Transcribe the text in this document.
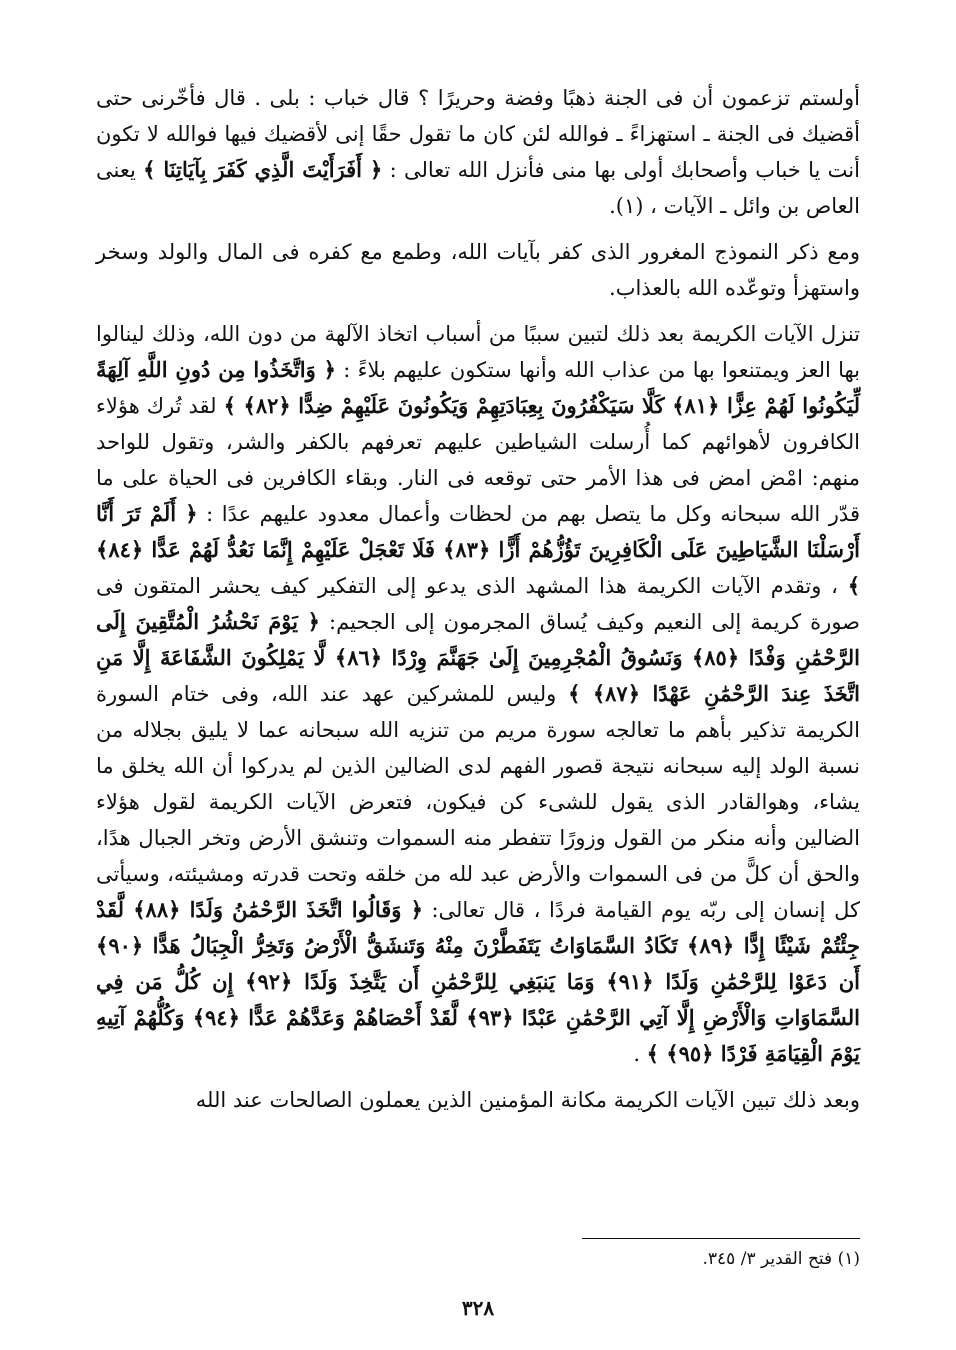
أولستم تزعمون أن فى الجنة ذهبًا وفضة وحريرًا ؟ قال خباب : بلى . قال فأخّرنى حتى أقضيك فى الجنة ـ استهزاءً ـ فوالله لئن كان ما تقول حقًا إنى لأقضيك فيها فوالله لا تكون أنت يا خباب وأصحابك أولى بها منى فأنزل الله تعالى : ﴿ أَفَرَأَيْتَ الَّذِي كَفَرَ بِآيَاتِنَا ﴾ يعنى العاص بن وائل ـ الآيات ، (١).

ومع ذكر النموذج المغرور الذى كفر بآيات الله، وطمع مع كفره فى المال والولد وسخر واستهزأ وتوعّده الله بالعذاب.

تنزل الآيات الكريمة بعد ذلك لتبين سببًا من أسباب اتخاذ الآلهة من دون الله، وذلك لينالوا بها العز ويمتنعوا بها من عذاب الله وأنها ستكون عليهم بلاءً : ﴿ وَاتَّخَذُوا مِن دُونِ اللَّهِ آلِهَةً لِّيَكُونُوا لَهُمْ عِزًّا ﴿٨١﴾ كَلَّا سَيَكْفُرُونَ بِعِبَادَتِهِمْ وَيَكُونُونَ عَلَيْهِمْ ضِدًّا ﴿٨٢﴾ ﴾ لقد تُرك هؤلاء الكافرون لأهوائهم كما أُرسلت الشياطين عليهم تعرفهم بالكفر والشر، وتقول للواحد منهم: امْض امض فى هذا الأمر حتى توقعه فى النار. وبقاء الكافرين فى الحياة على ما قدّر الله سبحانه وكل ما يتصل بهم من لحظات وأعمال معدود عليهم عدًا : ﴿ أَلَمْ تَرَ أَنَّا أَرْسَلْنَا الشَّيَاطِينَ عَلَى الْكَافِرِينَ تَؤُزُّهُمْ أَزًّا ﴿٨٣﴾ فَلَا تَعْجَلْ عَلَيْهِمْ إِنَّمَا نَعُدُّ لَهُمْ عَدًّا ﴿٨٤﴾ ﴾ ، وتقدم الآيات الكريمة هذا المشهد الذى يدعو إلى التفكير كيف يحشر المتقون فى صورة كريمة إلى النعيم وكيف يُساق المجرمون إلى الجحيم: ﴿ يَوْمَ نَحْشُرُ الْمُتَّقِينَ إِلَى الرَّحْمَٰنِ وَفْدًا ﴿٨٥﴾ وَنَسُوقُ الْمُجْرِمِينَ إِلَىٰ جَهَنَّمَ وِرْدًا ﴿٨٦﴾ لَّا يَمْلِكُونَ الشَّفَاعَةَ إِلَّا مَنِ اتَّخَذَ عِندَ الرَّحْمَٰنِ عَهْدًا ﴿٨٧﴾ ﴾ وليس للمشركين عهد عند الله، وفى ختام السورة الكريمة تذكير بأهم ما تعالجه سورة مريم من تنزيه الله سبحانه عما لا يليق بجلاله من نسبة الولد إليه سبحانه نتيجة قصور الفهم لدى الضالين الذين لم يدركوا أن الله يخلق ما يشاء، وهوالقادر الذى يقول للشىء كن فيكون، فتعرض الآيات الكريمة لقول هؤلاء الضالين وأنه منكر من القول وزورًا تتفطر منه السموات وتنشق الأرض وتخر الجبال هدًا، والحق أن كلًّ من فى السموات والأرض عبد لله من خلقه وتحت قدرته ومشيئته، وسيأتى كل إنسان إلى ربّه يوم القيامة فردًا ، قال تعالى: ﴿ وَقَالُوا اتَّخَذَ الرَّحْمَٰنُ وَلَدًا ﴿٨٨﴾ لَّقَدْ جِئْتُمْ شَيْئًا إِدًّا ﴿٨٩﴾ تَكَادُ السَّمَاوَاتُ يَتَفَطَّرْنَ مِنْهُ وَتَنشَقُّ الْأَرْضُ وَتَخِرُّ الْجِبَالُ هَدًّا ﴿٩٠﴾ أَن دَعَوْا لِلرَّحْمَٰنِ وَلَدًا ﴿٩١﴾ وَمَا يَنبَغِي لِلرَّحْمَٰنِ أَن يَتَّخِذَ وَلَدًا ﴿٩٢﴾ إِن كُلُّ مَن فِي السَّمَاوَاتِ وَالْأَرْضِ إِلَّا آتِي الرَّحْمَٰنِ عَبْدًا ﴿٩٣﴾ لَّقَدْ أَحْصَاهُمْ وَعَدَّهُمْ عَدًّا ﴿٩٤﴾ وَكُلُّهُمْ آتِيهِ يَوْمَ الْقِيَامَةِ فَرْدًا ﴿٩٥﴾ ﴾ .

وبعد ذلك تبين الآيات الكريمة مكانة المؤمنين الذين يعملون الصالحات عند الله

(١) فتح القدير ٣/ ٣٤٥.
٣٢٨
